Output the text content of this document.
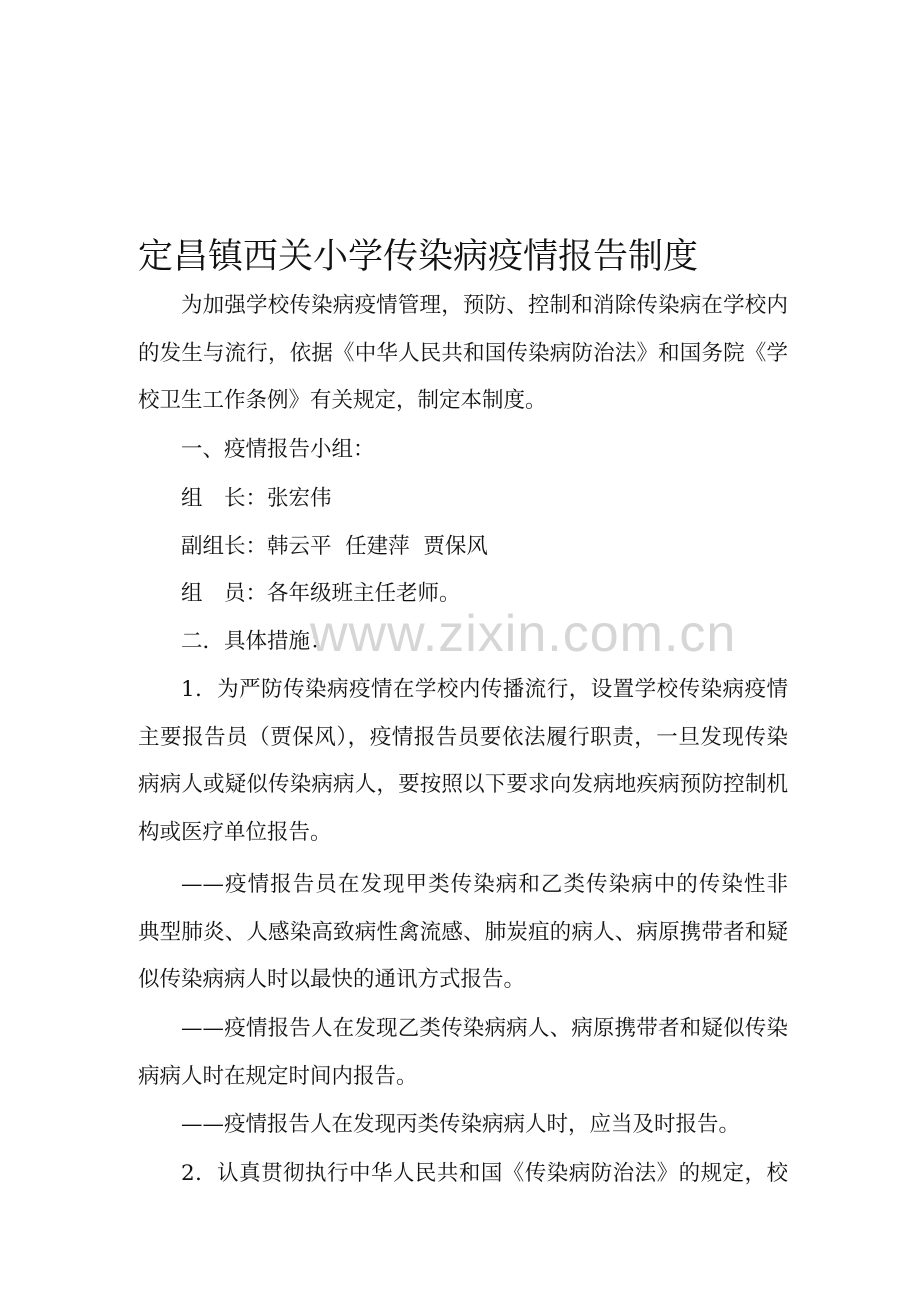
定昌镇西关小学传染病疫情报告制度
为加强学校传染病疫情管理，预防、控制和消除传染病在学校内
的发生与流行，依据《中华人民共和国传染病防治法》和国务院《学
校卫生工作条例》有关规定，制定本制度。
一、疫情报告小组：
组　长：张宏伟
副组长：韩云平  任建萍  贾保风
组　员：各年级班主任老师。
二．具体措施：
1．为严防传染病疫情在学校内传播流行，设置学校传染病疫情
主要报告员（贾保风），疫情报告员要依法履行职责，一旦发现传染
病病人或疑似传染病病人，要按照以下要求向发病地疾病预防控制机
构或医疗单位报告。
——疫情报告员在发现甲类传染病和乙类传染病中的传染性非
典型肺炎、人感染高致病性禽流感、肺炭疽的病人、病原携带者和疑
似传染病病人时以最快的通讯方式报告。
——疫情报告人在发现乙类传染病病人、病原携带者和疑似传染
病病人时在规定时间内报告。
——疫情报告人在发现丙类传染病病人时，应当及时报告。
2．认真贯彻执行中华人民共和国《传染病防治法》的规定，校
www.zixin.com.cn
